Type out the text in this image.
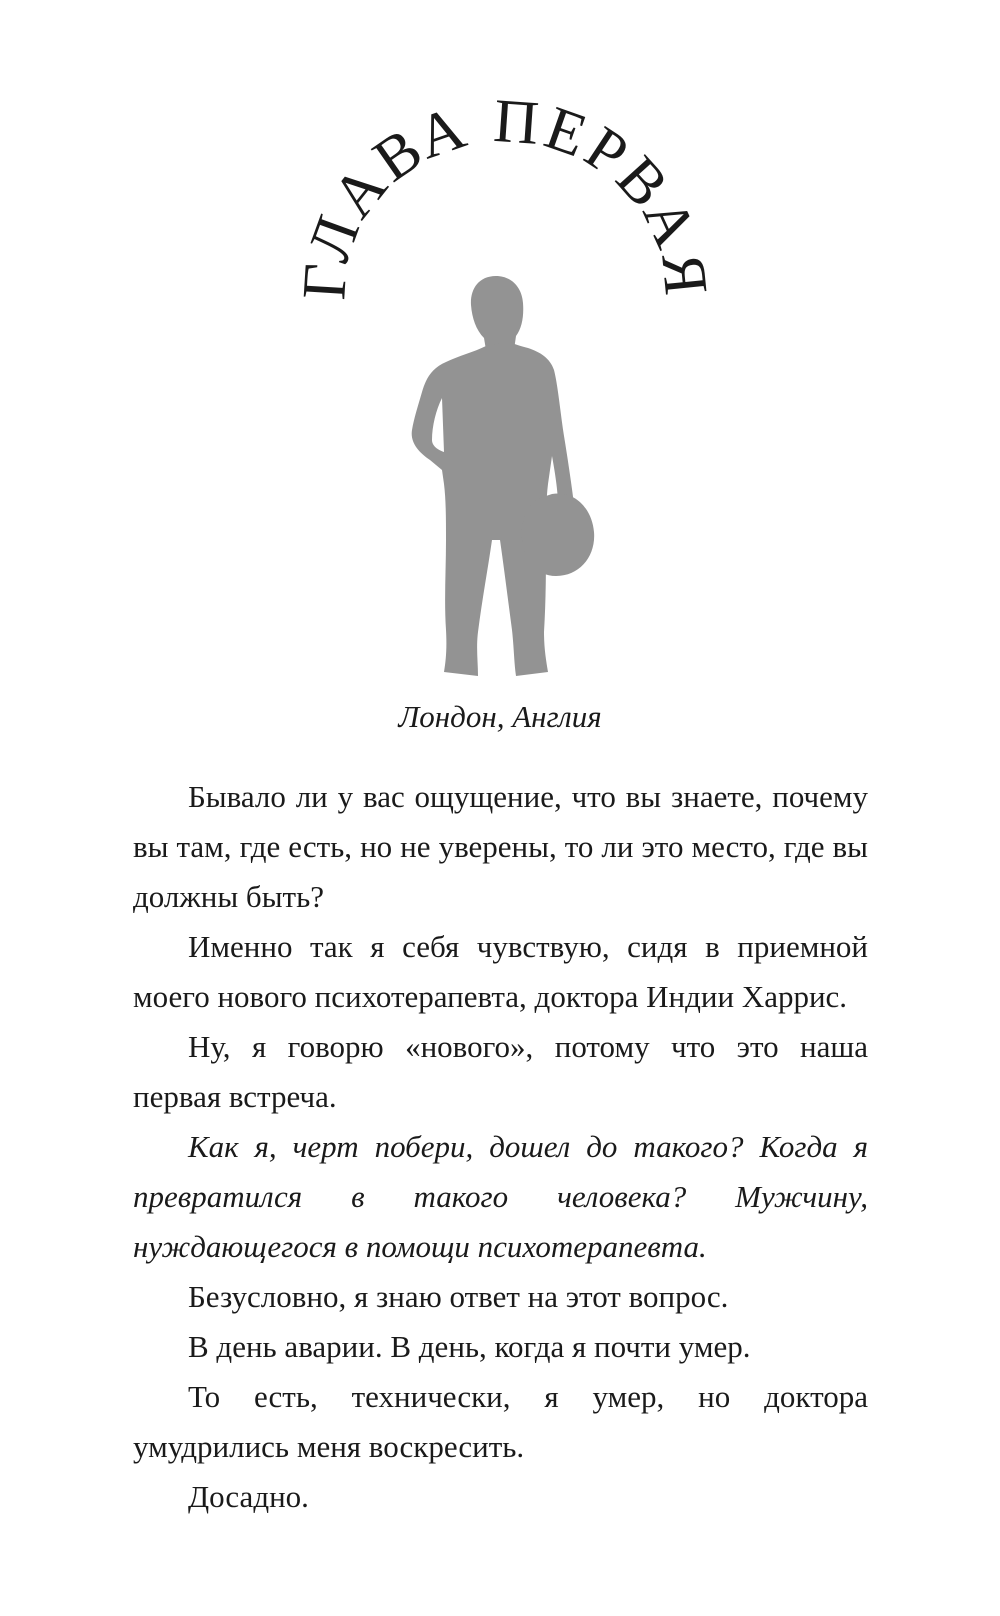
ГЛАВА ПЕРВАЯ
Лондон, Англия

Бывало ли у вас ощущение, что вы знаете, почему вы там, где есть, но не уверены, то ли это место, где вы должны быть?

Именно так я себя чувствую, сидя в приемной моего нового психотерапевта, доктора Индии Харрис.

Ну, я говорю «нового», потому что это наша первая встреча.

Как я, черт побери, дошел до такого? Когда я превратился в такого человека? Мужчину, нуждающегося в помощи психотерапевта.

Безусловно, я знаю ответ на этот вопрос.

В день аварии. В день, когда я почти умер.

То есть, технически, я умер, но доктора умудрились меня воскресить.

Досадно.
